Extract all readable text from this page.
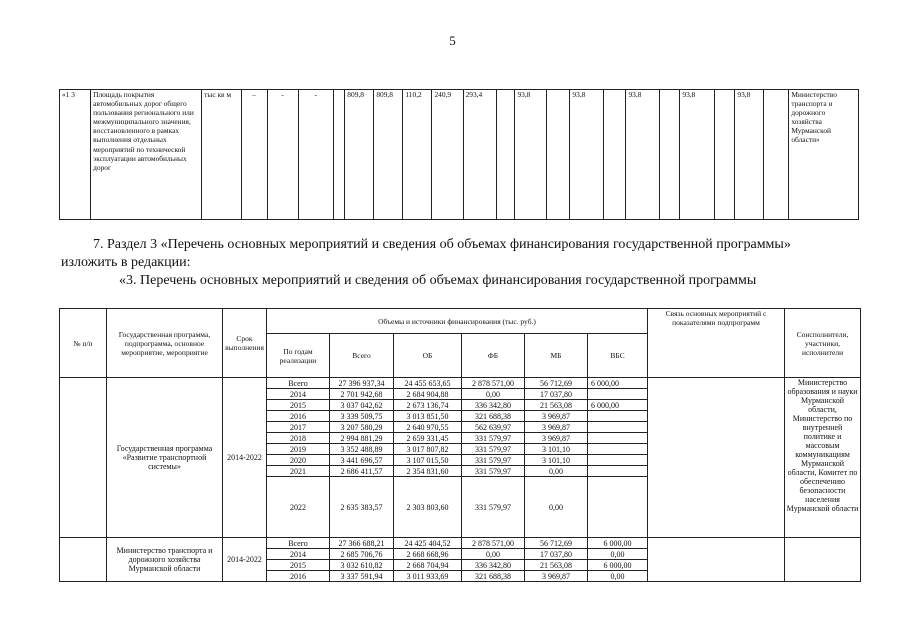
5
«1 3	Площадь покрытия автомобильных дорог общего пользования регионального или межмуниципального значения, восстановленного в рамках выполнения отдельных мероприятий по технической эксплуатации автомобильных дорог	тыс кв м	–	-	-		809,8	809,8	110,2	240,9	293,4		93,8		93,8		93,8		93,8		93,8		Министерство транспорта и дорожного хозяйства Мурманской области»
7. Раздел 3 «Перечень основных мероприятий и сведения об объемах финансирования государственной программы»
изложить в редакции:
«3. Перечень основных мероприятий и сведения об объемах финансирования государственной программы
№ п/п	Государственная программа, подпрограмма, основное мероприятие, мероприятие	Срок выполнения	Объемы и источники финансирования (тыс. руб.)						Связь основных мероприятий с показателями подпрограмм	Соисполнители, участники, исполнители
			По годам реализации	Всего	ОБ	ФБ	МБ	ВБС		
	Государственная программа «Развитие транспортной системы»	2014-2022	Всего	27 396 937,34	24 455 653,65	2 878 571,00	56 712,69	6 000,00		Министерство образования и науки Мурманской области, Министерство по внутренней политике и массовым коммуникациям Мурманской области, Комитет по обеспечению безопасности населения Мурманской области
			2014	2 701 942,68	2 684 904,88	0,00	17 037,80			
			2015	3 037 042,62	2 673 136,74	336 342,80	21 563,08	6 000,00		
			2016	3 339 509,75	3 013 851,50	321 688,38	3 969,87			
			2017	3 207 580,29	2 640 970,55	562 639,97	3 969,87			
			2018	2 994 881,29	2 659 331,45	331 579,97	3 969,87			
			2019	3 352 488,89	3 017 807,82	331 579,97	3 101,10			
			2020	3 441 696,57	3 107 015,50	331 579,97	3 101,10			
			2021	2 686 411,57	2 354 831,60	331 579,97	0,00			
			2022	2 635 383,57	2 303 803,60	331 579,97	0,00			
	Министерство транспорта и дорожного хозяйства Мурманской области	2014-2022	Всего	27 366 688,21	24 425 404,52	2 878 571,00	56 712,69	6 000,00		
			2014	2 685 706,76	2 668 668,96	0,00	17 037,80	0,00		
			2015	3 032 610,82	2 668 704,94	336 342,80	21 563,08	6 000,00		
			2016	3 337 591,94	3 011 933,69	321 688,38	3 969,87	0,00		
